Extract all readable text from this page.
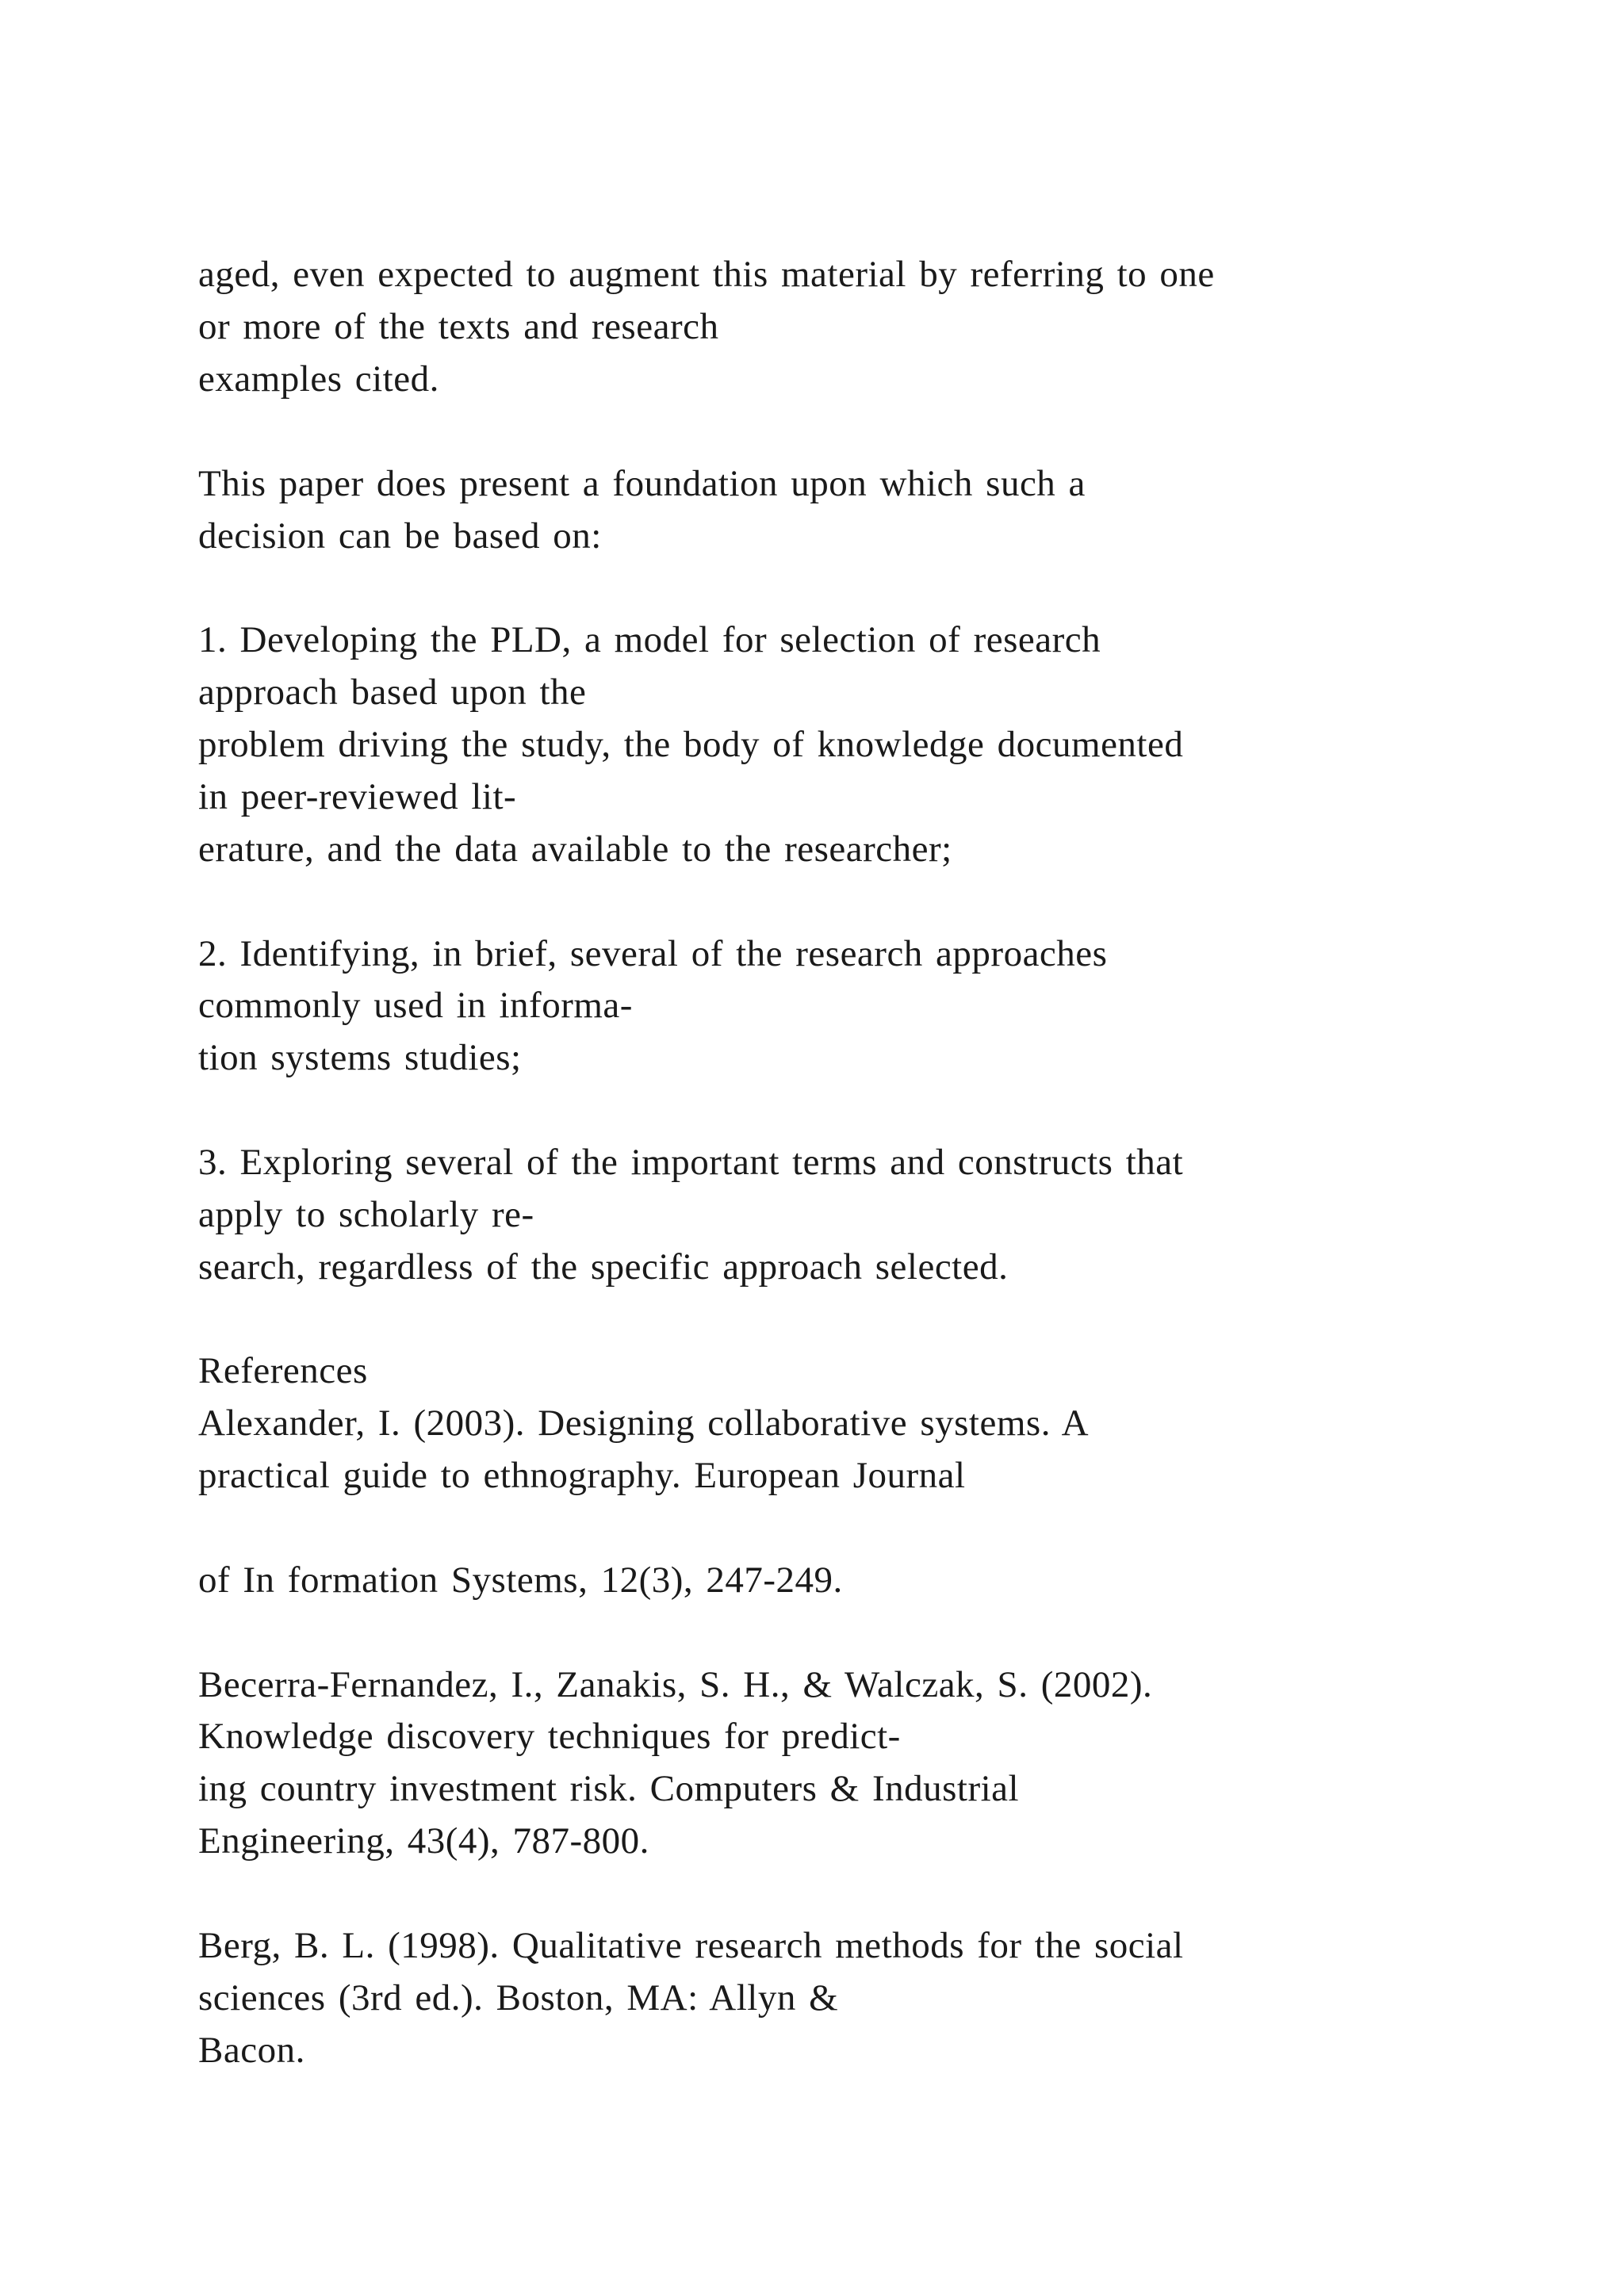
aged, even expected to augment this material by referring to one
or more of the texts and research
examples cited.
This paper does present a foundation upon which such a
decision can be based on:
1. Developing the PLD, a model for selection of research
approach based upon the
problem driving the study, the body of knowledge documented
in peer-reviewed lit-
erature, and the data available to the researcher;
2. Identifying, in brief, several of the research approaches
commonly used in informa-
tion systems studies;
3. Exploring several of the important terms and constructs that
apply to scholarly re-
search, regardless of the specific approach selected.
References
Alexander, I. (2003). Designing collaborative systems. A
practical guide to ethnography. European Journal
of In formation Systems, 12(3), 247-249.
Becerra-Fernandez, I., Zanakis, S. H., & Walczak, S. (2002).
Knowledge discovery techniques for predict-
ing country investment risk. Computers & Industrial
Engineering, 43(4), 787-800.
Berg, B. L. (1998). Qualitative research methods for the social
sciences (3rd ed.). Boston, MA: Allyn &
Bacon.
